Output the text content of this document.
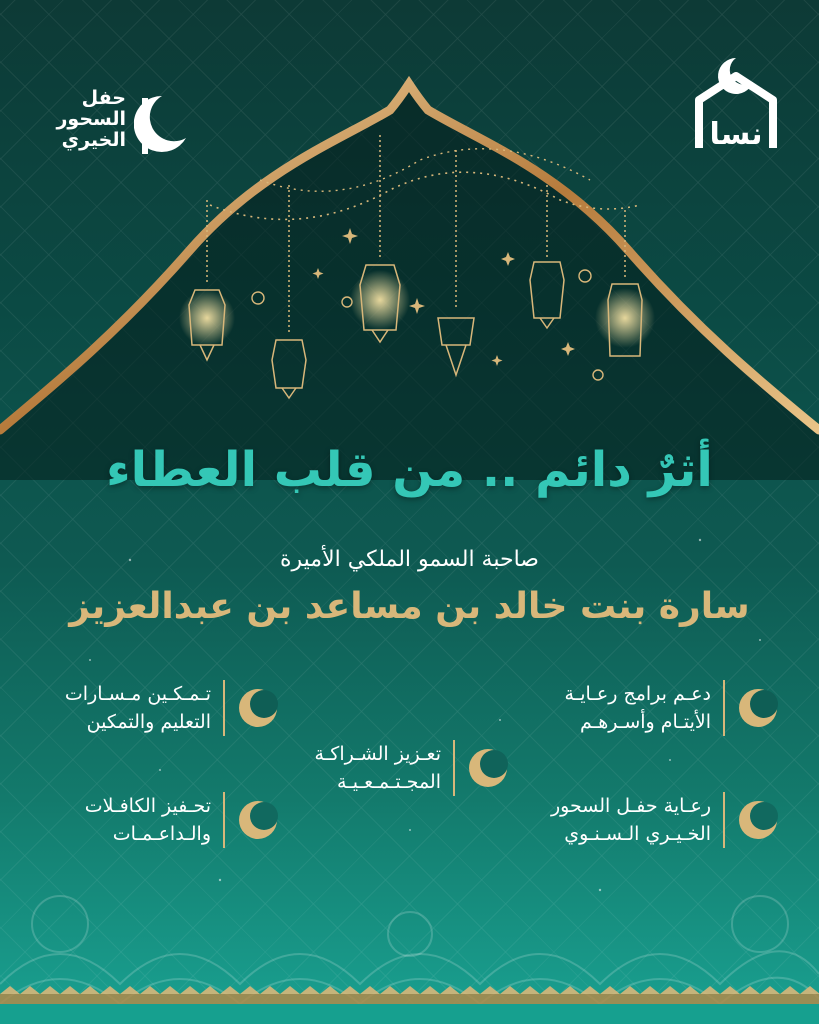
حفل
السحور
الخيري	نسا
أثرٌ دائم .. من قلب العطاء
صاحبة السمو الملكي الأميرة
سارة بنت خالد بن مساعد بن عبدالعزيز
دعـم برامج رعـايـة
الأيتـام وأسـرهـم
رعـاية حفـل السحور
الخـيـري الـسـنـوي
تعـزيز الشـراكـة
المجـتـمـعـيـة
تـمـكـين مـسـارات
التعليم والتمكين
تحـفيز الكافـلات
والـداعـمـات
